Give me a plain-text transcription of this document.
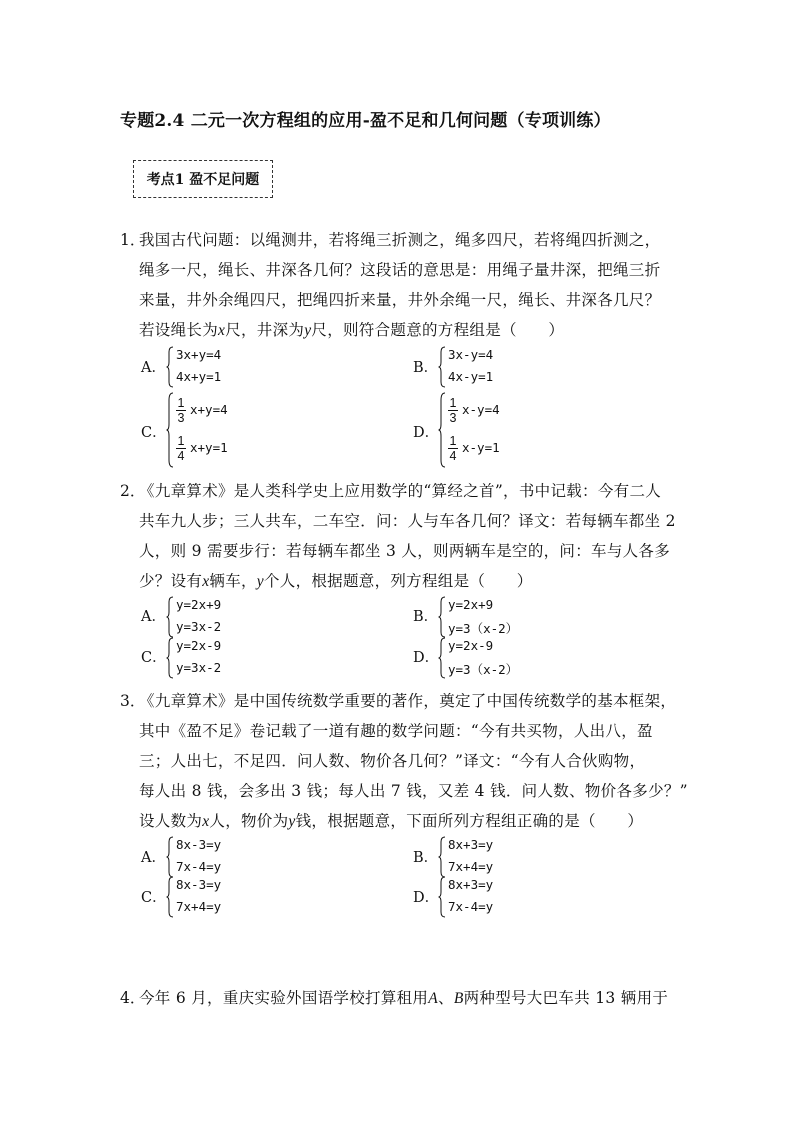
专题2.4 二元一次方程组的应用-盈不足和几何问题（专项训练）
考点1 盈不足问题
1．
我国古代问题：以绳测井，若将绳三折测之，绳多四尺，若将绳四折测之，
绳多一尺，绳长、井深各几何？这段话的意思是：用绳子量井深，把绳三折
来量，井外余绳四尺，把绳四折来量，井外余绳一尺，绳长、井深各几尺？
若设绳长为x尺，井深为y尺，则符合题意的方程组是（　　）
A．
3x+y=4
4x+y=1
B．
3x-y=4
4x-y=1
C．
$\frac{1}{3} x+y=4$
$\frac{1}{4} x+y=1$
D．
$\frac{1}{3} x-y=4$
$\frac{1}{4} x-y=1$
2．
《九章算术》是人类科学史上应用数学的“算经之首”，书中记载：今有二人
共车九人步；三人共车，二车空．问：人与车各几何？译文：若每辆车都坐 2
人，则 9 需要步行：若每辆车都坐 3 人，则两辆车是空的，问：车与人各多
少？设有x辆车，y个人，根据题意，列方程组是（　　）
A．
y=2x+9
y=3x-2
B．
y=2x+9
y=3（x-2）
C．
y=2x-9
y=3x-2
D．
y=2x-9
y=3（x-2）
3．
《九章算术》是中国传统数学重要的著作，奠定了中国传统数学的基本框架，
其中《盈不足》卷记载了一道有趣的数学问题：“今有共买物，人出八，盈
三；人出七，不足四．问人数、物价各几何？”译文：“今有人合伙购物，
每人出 8 钱，会多出 3 钱；每人出 7 钱，又差 4 钱．问人数、物价各多少？”
设人数为x人，物价为y钱，根据题意，下面所列方程组正确的是（　　）
A．
8x-3=y
7x-4=y
B．
8x+3=y
7x+4=y
C．
8x-3=y
7x+4=y
D．
8x+3=y
7x-4=y
4．
今年 6 月，重庆实验外国语学校打算租用A、B两种型号大巴车共 13 辆用于
